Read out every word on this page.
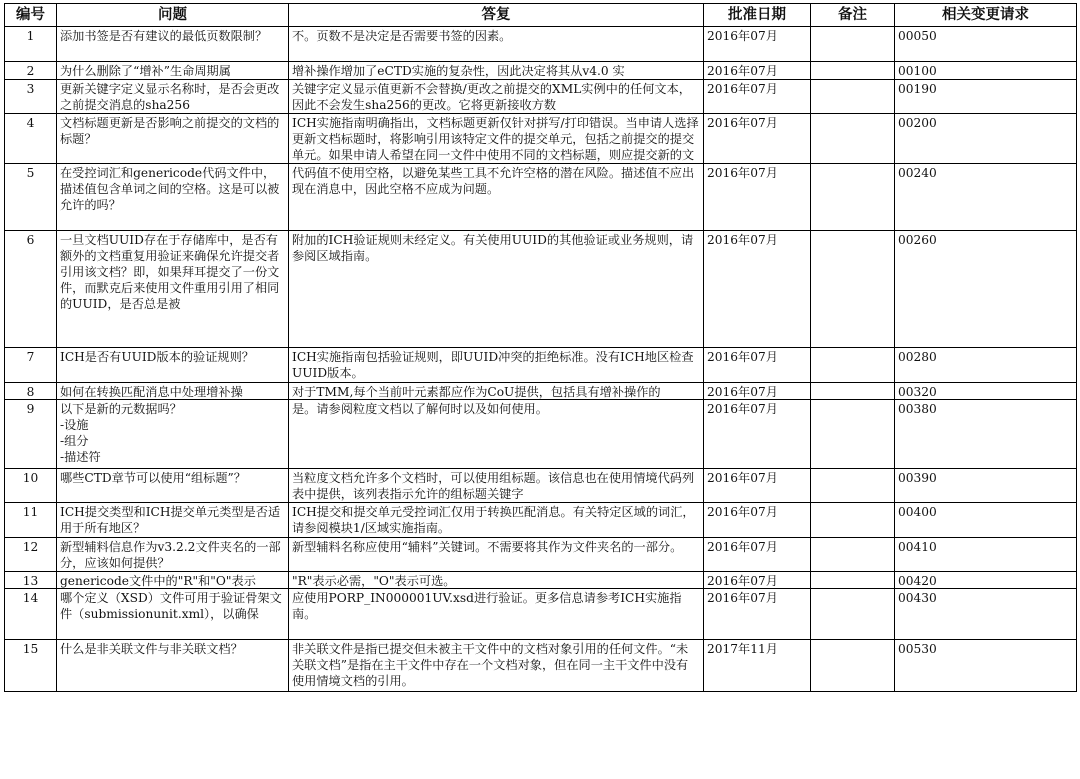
编号	问题	答复	批准日期	备注	相关变更请求

1	添加书签是否有建议的最低页数限制？	不。页数不是决定是否需要书签的因素。	2016年07月		00050

2	为什么删除了“增补”生命周期属	增补操作增加了eCTD实施的复杂性，因此决定将其从v4.0 实	2016年07月		00100

3	更新关键字定义显示名称时，是否会更改之前提交消息的sha256	关键字定义显示值更新不会替换/更改之前提交的XML实例中的任何文本，因此不会发生sha256的更改。它将更新接收方数	2016年07月		00190

4	文档标题更新是否影响之前提交的文档的标题？	ICH实施指南明确指出，文档标题更新仅针对拼写/打印错误。当申请人选择更新文档标题时，将影响引用该特定文件的提交单元，包括之前提交的提交单元。如果申请人希望在同一文件中使用不同的文档标题，则应提交新的文	2016年07月		00200

5	在受控词汇和genericode代码文件中，描述值包含单词之间的空格。这是可以被允许的吗？	代码值不使用空格，以避免某些工具不允许空格的潜在风险。描述值不应出现在消息中，因此空格不应成为问题。	2016年07月		00240

6	一旦文档UUID存在于存储库中，是否有额外的文档重复用验证来确保允许提交者引用该文档？即，如果拜耳提交了一份文件，而默克后来使用文件重用引用了相同的UUID，是否总是被	附加的ICH验证规则未经定义。有关使用UUID的其他验证或业务规则，请参阅区域指南。	2016年07月		00260

7	ICH是否有UUID版本的验证规则？	ICH实施指南包括验证规则，即UUID冲突的拒绝标准。没有ICH地区检查UUID版本。	2016年07月		00280

8	如何在转换匹配消息中处理增补操	对于TMM,每个当前叶元素都应作为CoU提供，包括具有增补操作的	2016年07月		00320

9	以下是新的元数据吗？
-设施
-组分
-描述符	是。请参阅粒度文档以了解何时以及如何使用。	2016年07月		00380

10	哪些CTD章节可以使用“组标题”？	当粒度文档允许多个文档时，可以使用组标题。该信息也在使用情境代码列表中提供，该列表指示允许的组标题关键字	2016年07月		00390

11	ICH提交类型和ICH提交单元类型是否适用于所有地区？	ICH提交和提交单元受控词汇仅用于转换匹配消息。有关特定区域的词汇，请参阅模块1/区域实施指南。	2016年07月		00400

12	新型辅料信息作为v3.2.2文件夹名的一部分，应该如何提供？	新型辅料名称应使用“辅料”关键词。不需要将其作为文件夹名的一部分。	2016年07月		00410

13	genericode文件中的"R"和"O"表示	"R"表示必需，"O"表示可选。	2016年07月		00420

14	哪个定义（XSD）文件可用于验证骨架文件（submissionunit.xml），以确保	应使用PORP_IN000001UV.xsd进行验证。更多信息请参考ICH实施指南。	2016年07月		00430

15	什么是非关联文件与非关联文档？	非关联文件是指已提交但未被主干文件中的文档对象引用的任何文件。“未关联文档”是指在主干文件中存在一个文档对象，但在同一主干文件中没有使用情境文档的引用。	2017年11月		00530
